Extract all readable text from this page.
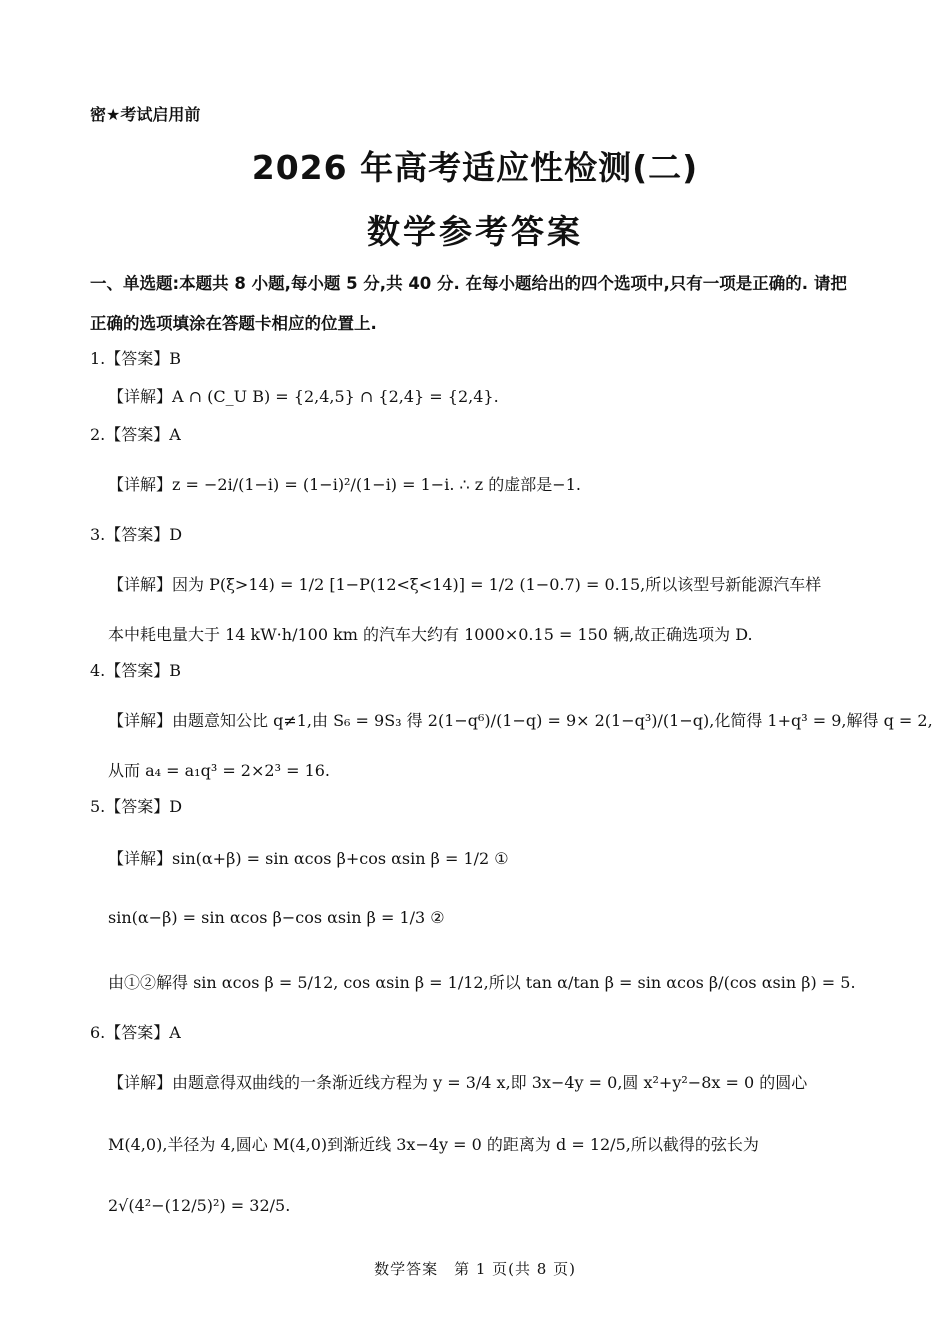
密★考试启用前
2026 年高考适应性检测(二)
数学参考答案
一、单选题:本题共 8 小题,每小题 5 分,共 40 分. 在每小题给出的四个选项中,只有一项是正确的. 请把正确的选项填涂在答题卡相应的位置上.
1.【答案】B
【详解】A ∩ (C_U B) = {2,4,5} ∩ {2,4} = {2,4}.
2.【答案】A
【详解】z = −2i/(1−i) = (1−i)²/(1−i) = 1−i. ∴ z 的虚部是−1.
3.【答案】D
【详解】因为 P(ξ>14) = 1/2 [1−P(12<ξ<14)] = 1/2 (1−0.7) = 0.15,所以该型号新能源汽车样
本中耗电量大于 14 kW·h/100 km 的汽车大约有 1000×0.15 = 150 辆,故正确选项为 D.
4.【答案】B
【详解】由题意知公比 q≠1,由 S₆ = 9S₃ 得 2(1−q⁶)/(1−q) = 9× 2(1−q³)/(1−q),化简得 1+q³ = 9,解得 q = 2,
从而 a₄ = a₁q³ = 2×2³ = 16.
5.【答案】D
【详解】sin(α+β) = sin αcos β+cos αsin β = 1/2 ①
sin(α−β) = sin αcos β−cos αsin β = 1/3 ②
由①②解得 sin αcos β = 5/12, cos αsin β = 1/12,所以 tan α/tan β = sin αcos β/(cos αsin β) = 5.
6.【答案】A
【详解】由题意得双曲线的一条渐近线方程为 y = 3/4 x,即 3x−4y = 0,圆 x²+y²−8x = 0 的圆心
M(4,0),半径为 4,圆心 M(4,0)到渐近线 3x−4y = 0 的距离为 d = 12/5,所以截得的弦长为
2√(4²−(12/5)²) = 32/5.
数学答案　第 1 页(共 8 页)
